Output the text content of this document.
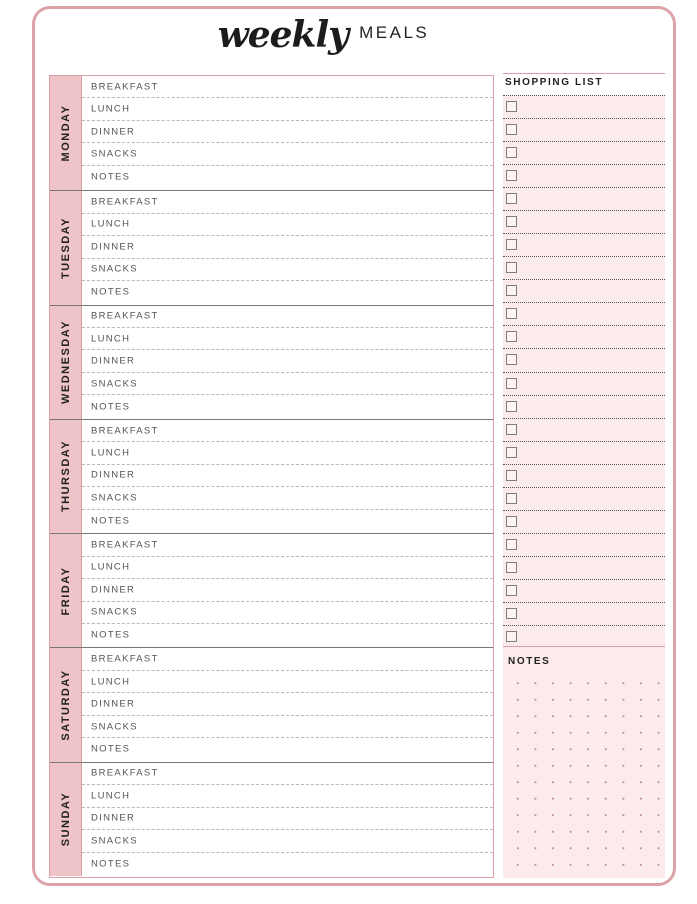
weekly MEALS
MONDAY
BREAKFAST
LUNCH
DINNER
SNACKS
NOTES
TUESDAY
BREAKFAST
LUNCH
DINNER
SNACKS
NOTES
WEDNESDAY
BREAKFAST
LUNCH
DINNER
SNACKS
NOTES
THURSDAY
BREAKFAST
LUNCH
DINNER
SNACKS
NOTES
FRIDAY
BREAKFAST
LUNCH
DINNER
SNACKS
NOTES
SATURDAY
BREAKFAST
LUNCH
DINNER
SNACKS
NOTES
SUNDAY
BREAKFAST
LUNCH
DINNER
SNACKS
NOTES
SHOPPING LIST
NOTES
